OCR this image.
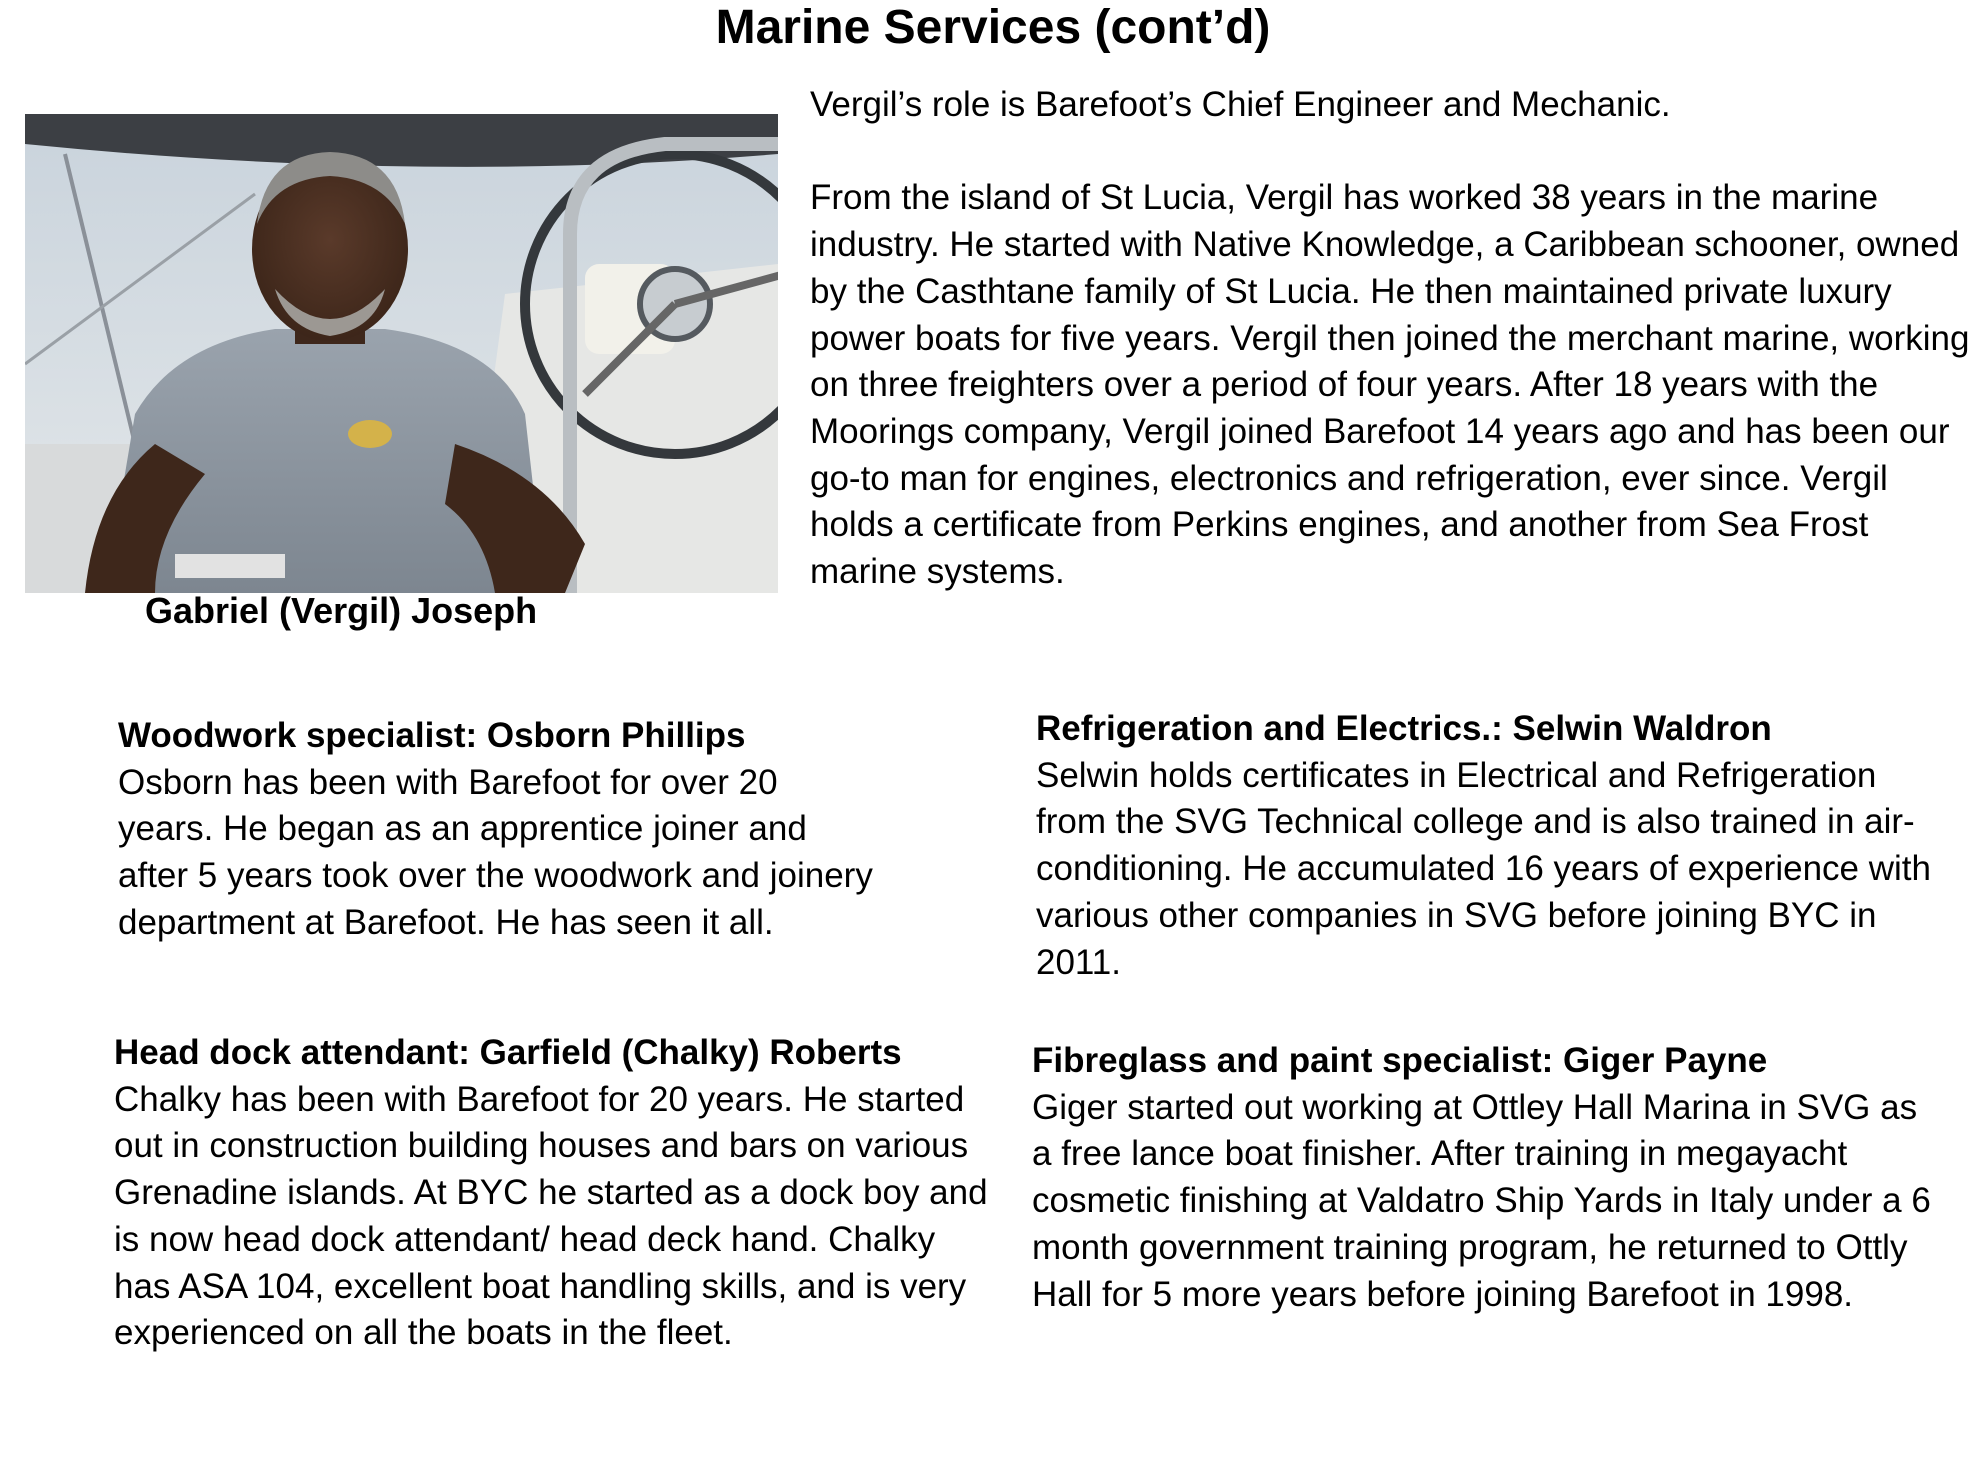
Marine Services (cont’d)
Gabriel (Vergil) Joseph

Vergil’s role is Barefoot’s Chief Engineer and Mechanic.

From the island of St Lucia, Vergil has worked 38 years in the marine industry. He started with Native Knowledge, a Caribbean schooner, owned by the Casthtane family of St Lucia. He then maintained private luxury power boats for five years. Vergil then joined the merchant marine, working on three freighters over a period of four years. After 18 years with the Moorings company, Vergil joined Barefoot 14 years ago and has been our go-to man for engines, electronics and refrigeration, ever since. Vergil holds a certificate from Perkins engines, and another from Sea Frost marine systems.

Woodwork specialist: Osborn Phillips

Osborn has been with Barefoot for over 20 years. He began as an apprentice joiner and after 5 years took over the woodwork and joinery department at Barefoot. He has seen it all.

Refrigeration and Electrics.: Selwin Waldron

Selwin holds certificates in Electrical and Refrigeration from the SVG Technical college and is also trained in air-conditioning. He accumulated 16 years of experience with various other companies in SVG before joining BYC in 2011.

Head dock attendant: Garfield (Chalky) Roberts

Chalky has been with Barefoot for 20 years. He started out in construction building houses and bars on various Grenadine islands. At BYC he started as a dock boy and is now head dock attendant/ head deck hand. Chalky has ASA 104, excellent boat handling skills, and is very experienced on all the boats in the fleet.

Fibreglass and paint specialist: Giger Payne

Giger started out working at Ottley Hall Marina in SVG as a free lance boat finisher. After training in megayacht cosmetic finishing at Valdatro Ship Yards in Italy under a 6 month government training program, he returned to Ottly Hall for 5 more years before joining Barefoot in 1998.
